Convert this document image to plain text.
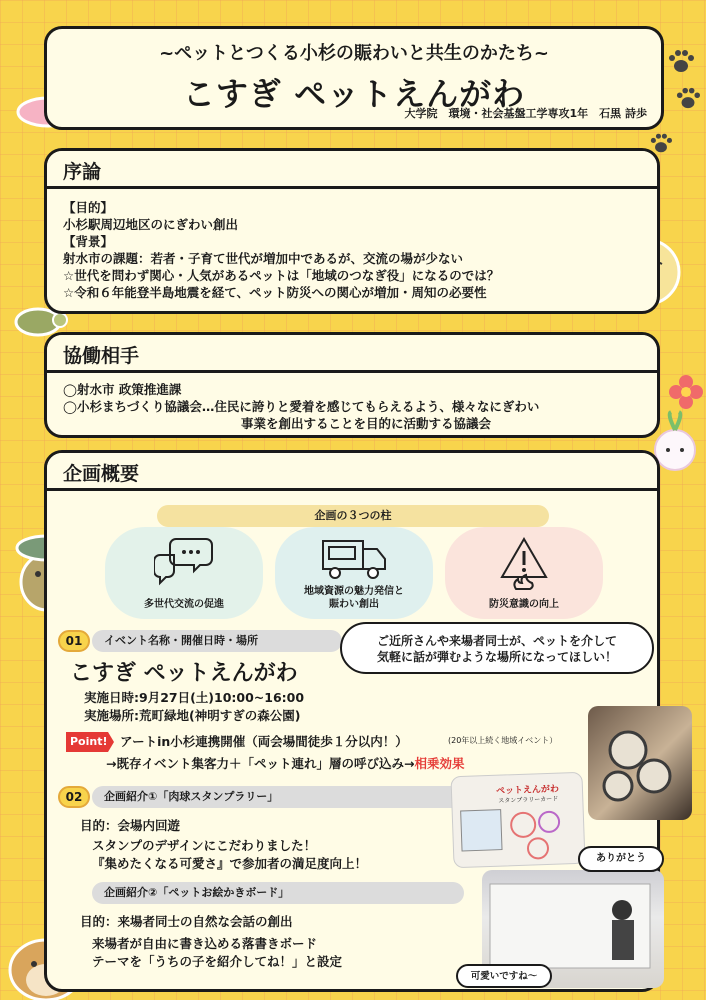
~ペットとつくる小杉の賑わいと共生のかたち~
こすぎ ペットえんがわ
大学院　環境・社会基盤工学専攻1年　石黒 詩歩
序論
【目的】
小杉駅周辺地区のにぎわい創出
【背景】
射水市の課題：若者・子育て世代が増加中であるが、交流の場が少ない
☆世代を問わず関心・人気があるペットは「地域のつなぎ役」になるのでは？
☆令和６年能登半島地震を経て、ペット防災への関心が増加・周知の必要性
協働相手
◯射水市 政策推進課
◯小杉まちづくり協議会…住民に誇りと愛着を感じてもらえるよう、様々なにぎわい
事業を創出することを目的に活動する協議会
企画概要
企画の３つの柱
多世代交流の促進
地域資源の魅力発信と
賑わい創出	防災意識の向上
01	イベント名称・開催日時・場所	ご近所さんや来場者同士が、ペットを介して
気軽に話が弾むような場所になってほしい！
こすぎ ペットえんがわ
実施日時:9月27日(土)10:00~16:00
実施場所:荒町緑地(神明すぎの森公園)
Point! アートin小杉連携開催（両会場間徒歩１分以内！）	(20年以上続く地域イベント）
→既存イベント集客力＋「ペット連れ」層の呼び込み→相乗効果
02	企画紹介①「肉球スタンプラリー」
目的：会場内回遊
スタンプのデザインにこだわりました！
『集めたくなる可愛さ』で参加者の満足度向上！
企画紹介②「ペットお絵かきボード」
目的：来場者同士の自然な会話の創出
来場者が自由に書き込める落書きボード
テーマを「うちの子を紹介してね！」と設定
ペットえんがわ
スタンプラリーカード
ありがとう
可愛いですね〜
